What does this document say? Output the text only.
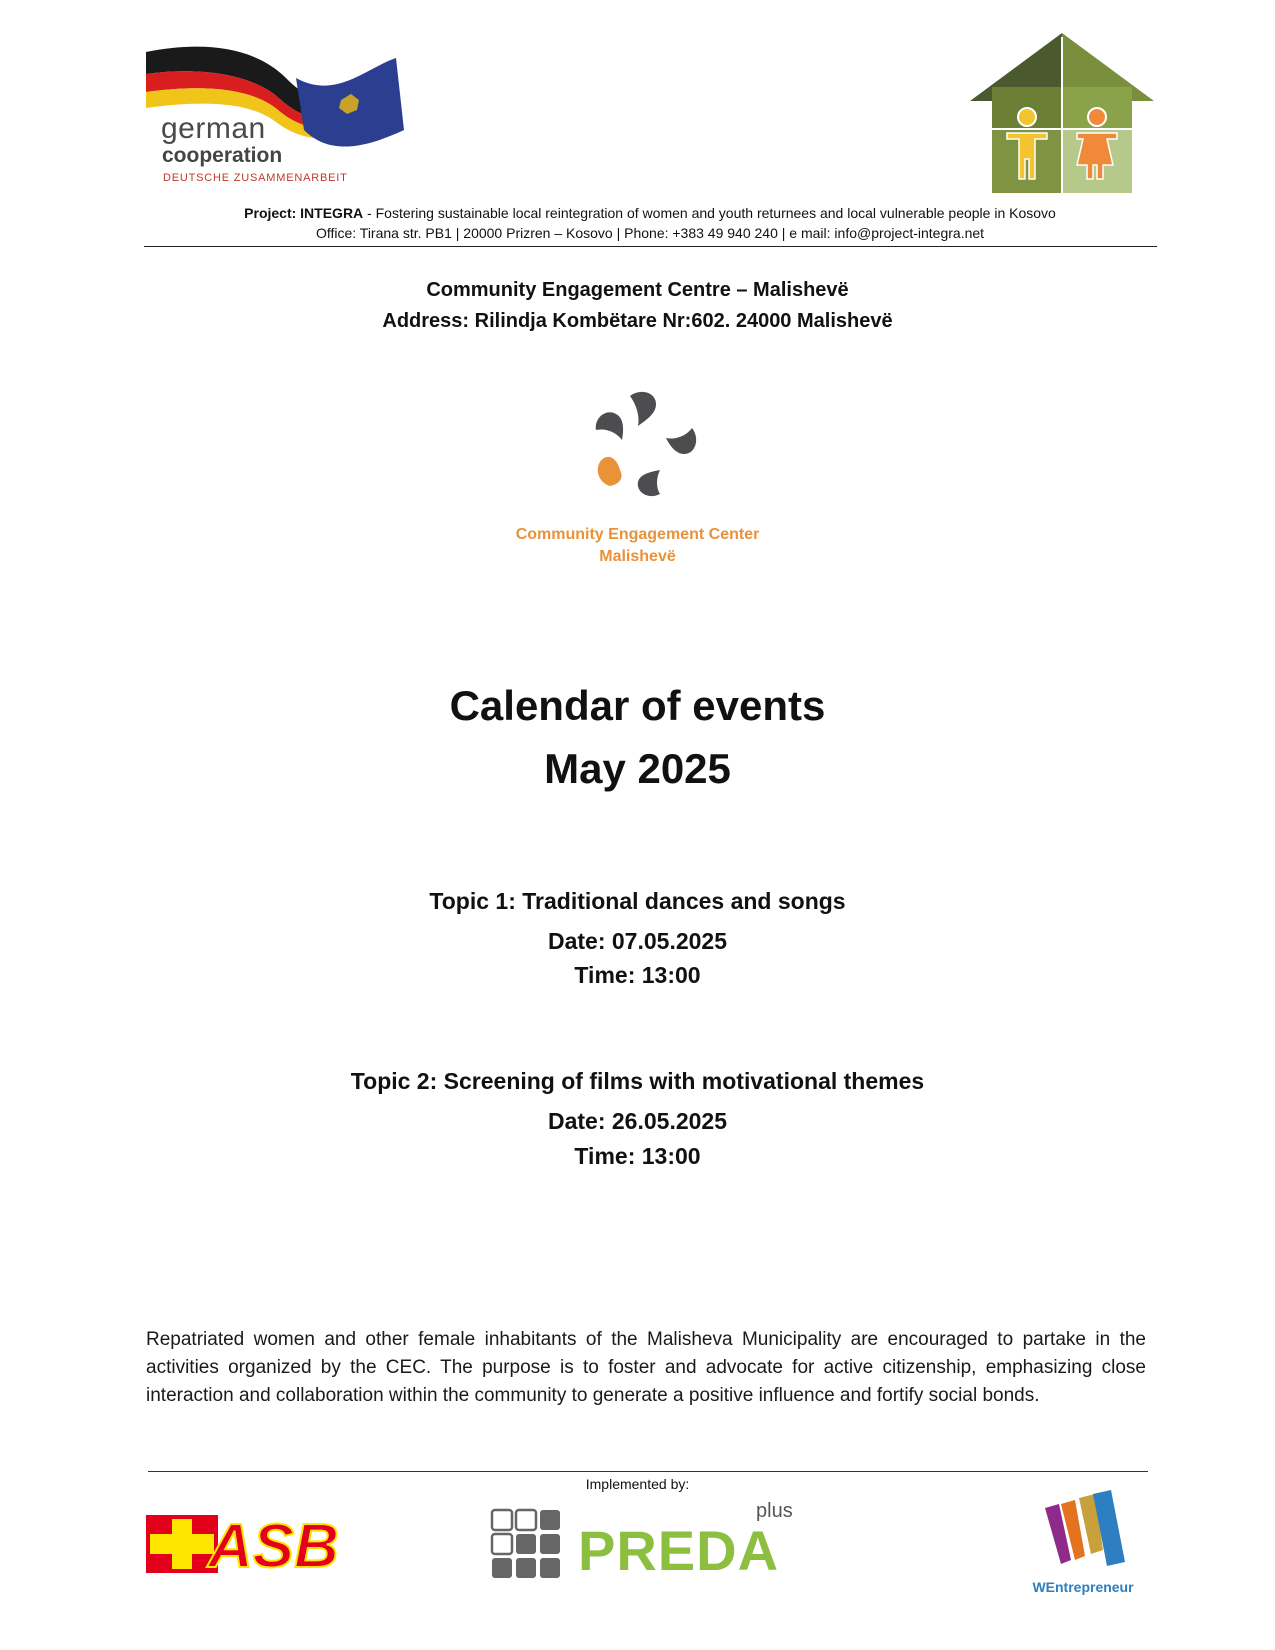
german
cooperation
DEUTSCHE ZUSAMMENARBEIT
Project: INTEGRA - Fostering sustainable local reintegration of women and youth returnees and local vulnerable people in Kosovo
Office: Tirana str. PB1 | 20000 Prizren – Kosovo | Phone: +383 49 940 240 | e mail: info@project-integra.net
Community Engagement Centre – Malishevë
Address: Rilindja Kombëtare Nr:602. 24000 Malishevë
Community Engagement Center
Malishevë
Calendar of events
May 2025
Topic 1: Traditional dances and songs
Date: 07.05.2025
Time: 13:00
Topic 2: Screening of films with motivational themes
Date: 26.05.2025
Time: 13:00
Repatriated women and other female inhabitants of the Malisheva Municipality are encouraged to partake in the activities organized by the CEC. The purpose is to foster and advocate for active citizenship, emphasizing close interaction and collaboration within the community to generate a positive influence and fortify social bonds.
Implemented by:
ASB	PREDA
plus
WEntrepreneur
